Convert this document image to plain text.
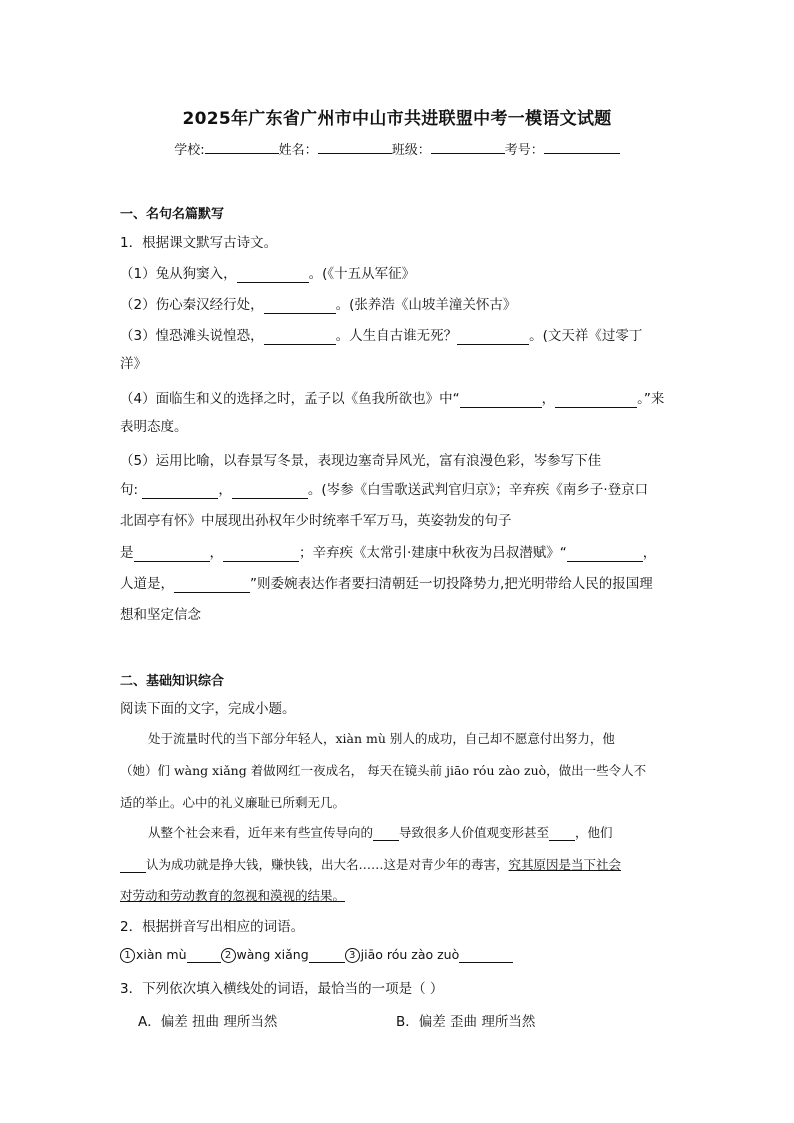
2025年广东省广州市中山市共进联盟中考一模语文试题
学校:	姓名：	班级：	考号：
一、名句名篇默写
1．根据课文默写古诗文。
（1）兔从狗窦入，	。(《十五从军征》
（2）伤心秦汉经行处，	。(张养浩《山坡羊潼关怀古》
（3）惶恐滩头说惶恐，	。人生自古谁无死？	。(文天祥《过零丁
洋》
（4）面临生和义的选择之时，孟子以《鱼我所欲也》中“	，	。”来
表明态度。
（5）运用比喻，以春景写冬景，表现边塞奇异风光，富有浪漫色彩，岑参写下佳
句:	，	。(岑参《白雪歌送武判官归京》；辛弃疾《南乡子·登京口
北固亭有怀》中展现出孙权年少时统率千军万马，英姿勃发的句子
是	，	；辛弃疾《太常引·建康中秋夜为吕叔潜赋》“	，
人道是，	”则委婉表达作者要扫清朝廷一切投降势力,把光明带给人民的报国理
想和坚定信念
二、基础知识综合
阅读下面的文字，完成小题。
处于流量时代的当下部分年轻人，xiàn mù 别人的成功，自己却不愿意付出努力，他
（她）们 wàng xiǎng 着做网红一夜成名， 每天在镜头前 jiāo róu zào zuò，做出一些令人不
适的举止。心中的礼义廉耻已所剩无几。
从整个社会来看，近年来有些宣传导向的 导致很多人价值观变形甚至 ，他们
认为成功就是挣大钱，赚快钱，出大名……这是对青少年的毒害，究其原因是当下社会
对劳动和劳动教育的忽视和漠视的结果。
2．根据拼音写出相应的词语。
1 xiàn mù	2 wàng xiǎng	3 jiāo róu zào zuò
3．下列依次填入横线处的词语，最恰当的一项是（ ）
A．偏差 扭曲 理所当然	B．偏差 歪曲 理所当然
